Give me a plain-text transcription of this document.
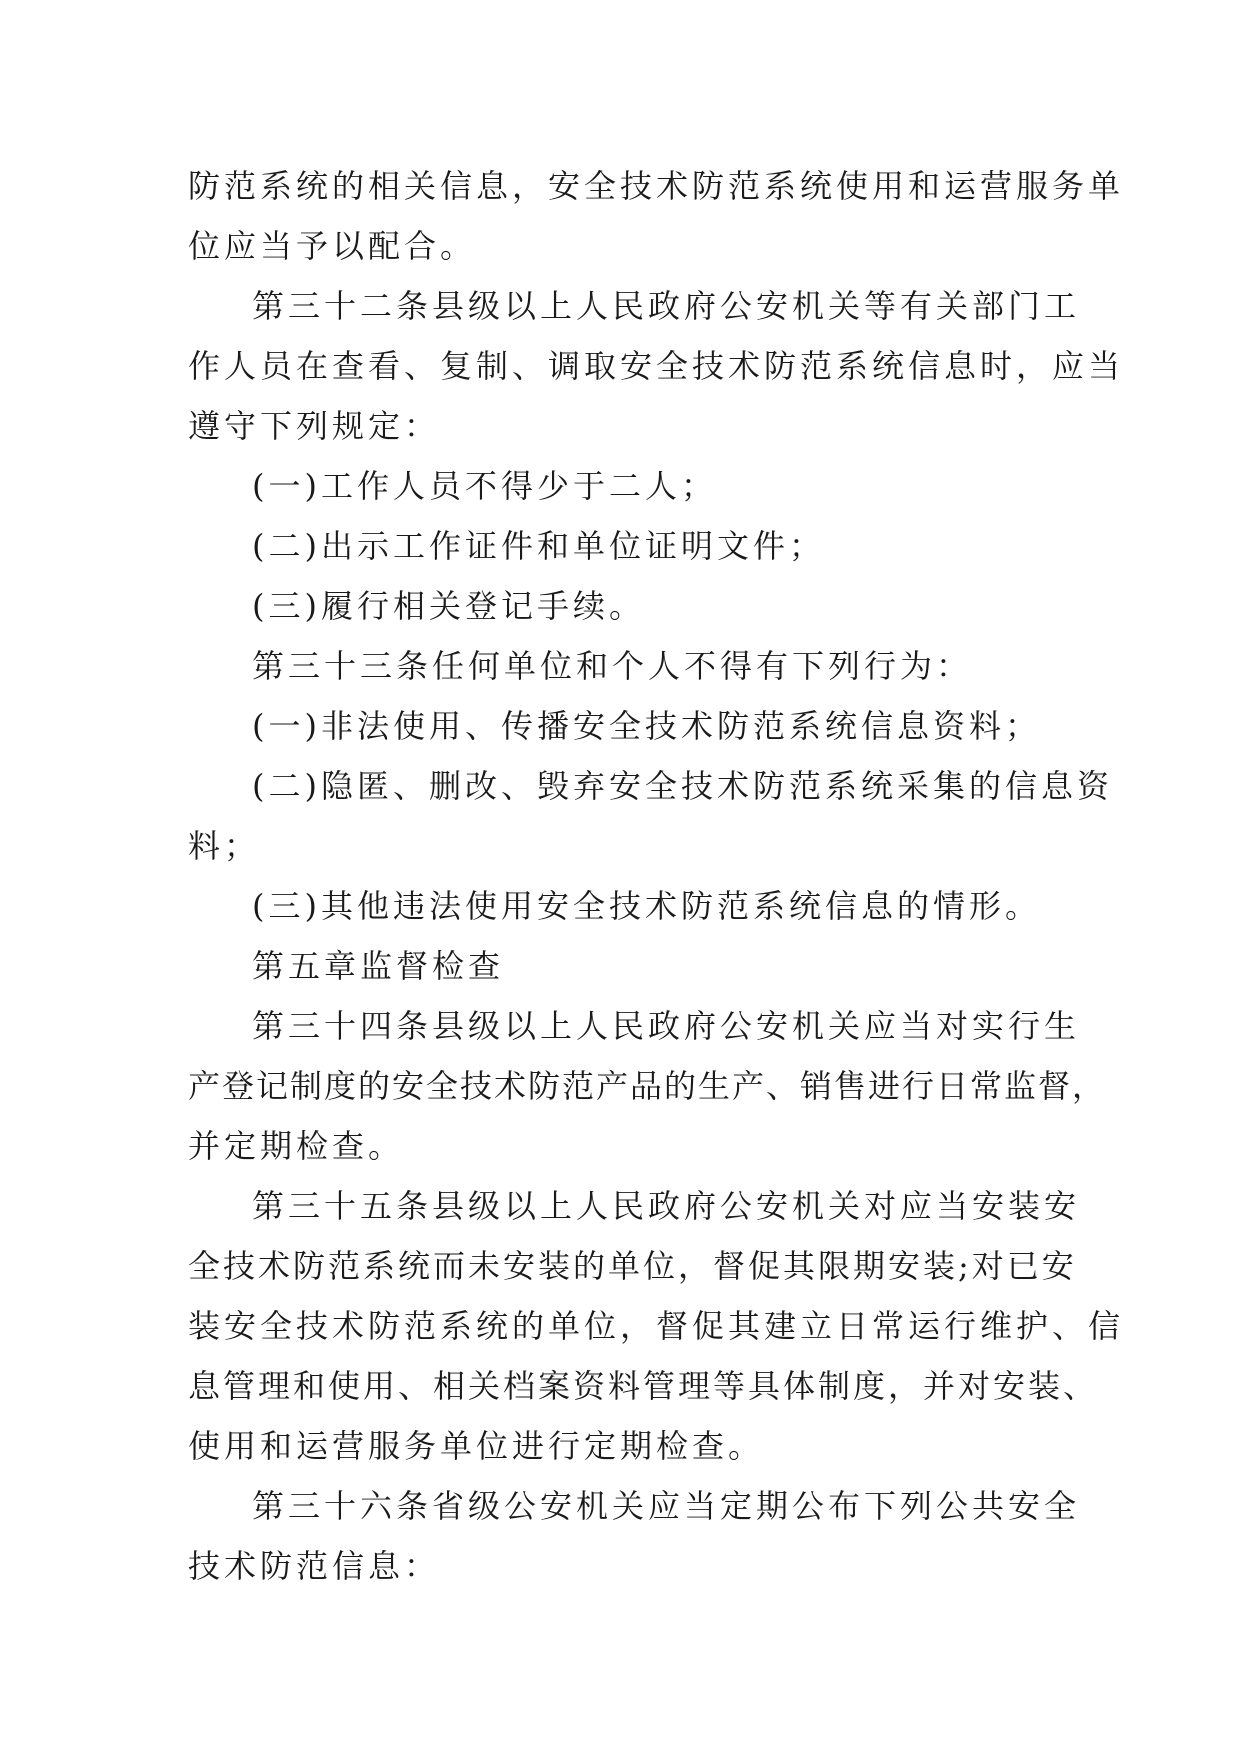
防范系统的相关信息，安全技术防范系统使用和运营服务单
位应当予以配合。
第三十二条县级以上人民政府公安机关等有关部门工
作人员在查看、复制、调取安全技术防范系统信息时，应当
遵守下列规定：
(一)工作人员不得少于二人；
(二)出示工作证件和单位证明文件；
(三)履行相关登记手续。
第三十三条任何单位和个人不得有下列行为：
(一)非法使用、传播安全技术防范系统信息资料；
(二)隐匿、删改、毁弃安全技术防范系统采集的信息资
料；
(三)其他违法使用安全技术防范系统信息的情形。
第五章监督检查
第三十四条县级以上人民政府公安机关应当对实行生
产登记制度的安全技术防范产品的生产、销售进行日常监督，
并定期检查。
第三十五条县级以上人民政府公安机关对应当安装安
全技术防范系统而未安装的单位，督促其限期安装;对已安
装安全技术防范系统的单位，督促其建立日常运行维护、信
息管理和使用、相关档案资料管理等具体制度，并对安装、
使用和运营服务单位进行定期检查。
第三十六条省级公安机关应当定期公布下列公共安全
技术防范信息：
